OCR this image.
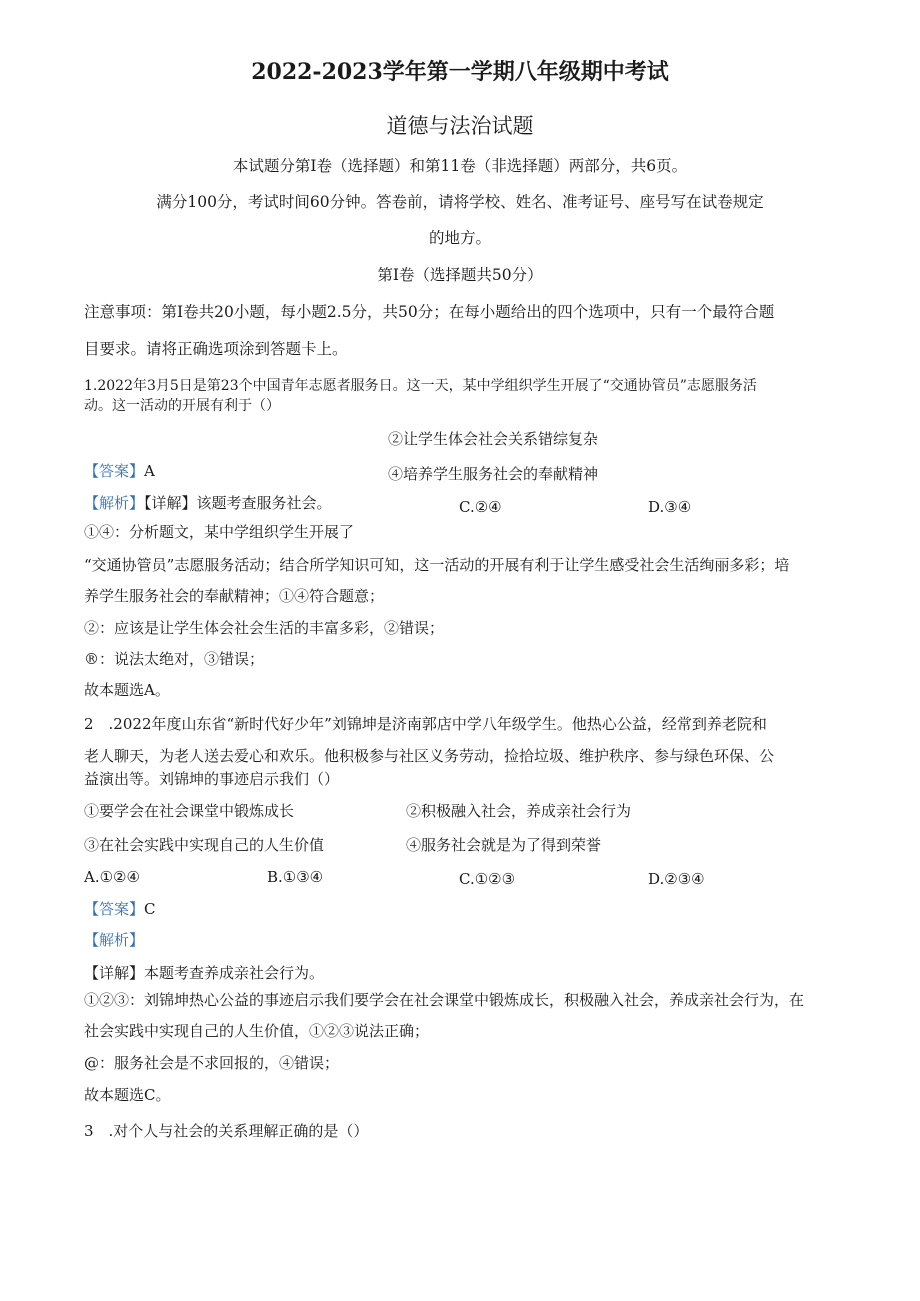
2022-2023学年第一学期八年级期中考试
道德与法治试题
本试题分第I卷（选择题）和第11卷（非选择题）两部分，共6页。
满分100分，考试时间60分钟。答卷前，请将学校、姓名、准考证号、座号写在试卷规定
的地方。
第I卷（选择题共50分）
注意事项：第I卷共20小题，每小题2.5分，共50分；在每小题给出的四个选项中，只有一个最符合题
目要求。请将正确选项涂到答题卡上。
1.2022年3月5日是第23个中国青年志愿者服务日。这一天，某中学组织学生开展了“交通协管员”志愿服务活
动。这一活动的开展有利于（）
②让学生体会社会关系错综复杂
【答案】A	④培养学生服务社会的奉献精神
【解析】【详解】该题考查服务社会。	C.②④	D.③④
①④：分析题文，某中学组织学生开展了
“交通协管员”志愿服务活动；结合所学知识可知，这一活动的开展有利于让学生感受社会生活绚丽多彩；培
养学生服务社会的奉献精神；①④符合题意；
②：应该是让学生体会社会生活的丰富多彩，②错误；
®：说法太绝对，③错误；
故本题选A。
2　.2022年度山东省“新时代好少年”刘锦坤是济南郭店中学八年级学生。他热心公益，经常到养老院和
老人聊天，为老人送去爱心和欢乐。他积极参与社区义务劳动，捡拾垃圾、维护秩序、参与绿色环保、公
益演出等。刘锦坤的事迹启示我们（）
①要学会在社会课堂中锻炼成长	②积极融入社会，养成亲社会行为
③在社会实践中实现自己的人生价值	④服务社会就是为了得到荣誉
A.①②④	B.①③④	C.①②③	D.②③④
【答案】C
【解析】
【详解】本题考查养成亲社会行为。
①②③：刘锦坤热心公益的事迹启示我们要学会在社会课堂中锻炼成长，积极融入社会，养成亲社会行为，在
社会实践中实现自己的人生价值，①②③说法正确；
@：服务社会是不求回报的，④错误；
故本题选C。
3　.对个人与社会的关系理解正确的是（）
